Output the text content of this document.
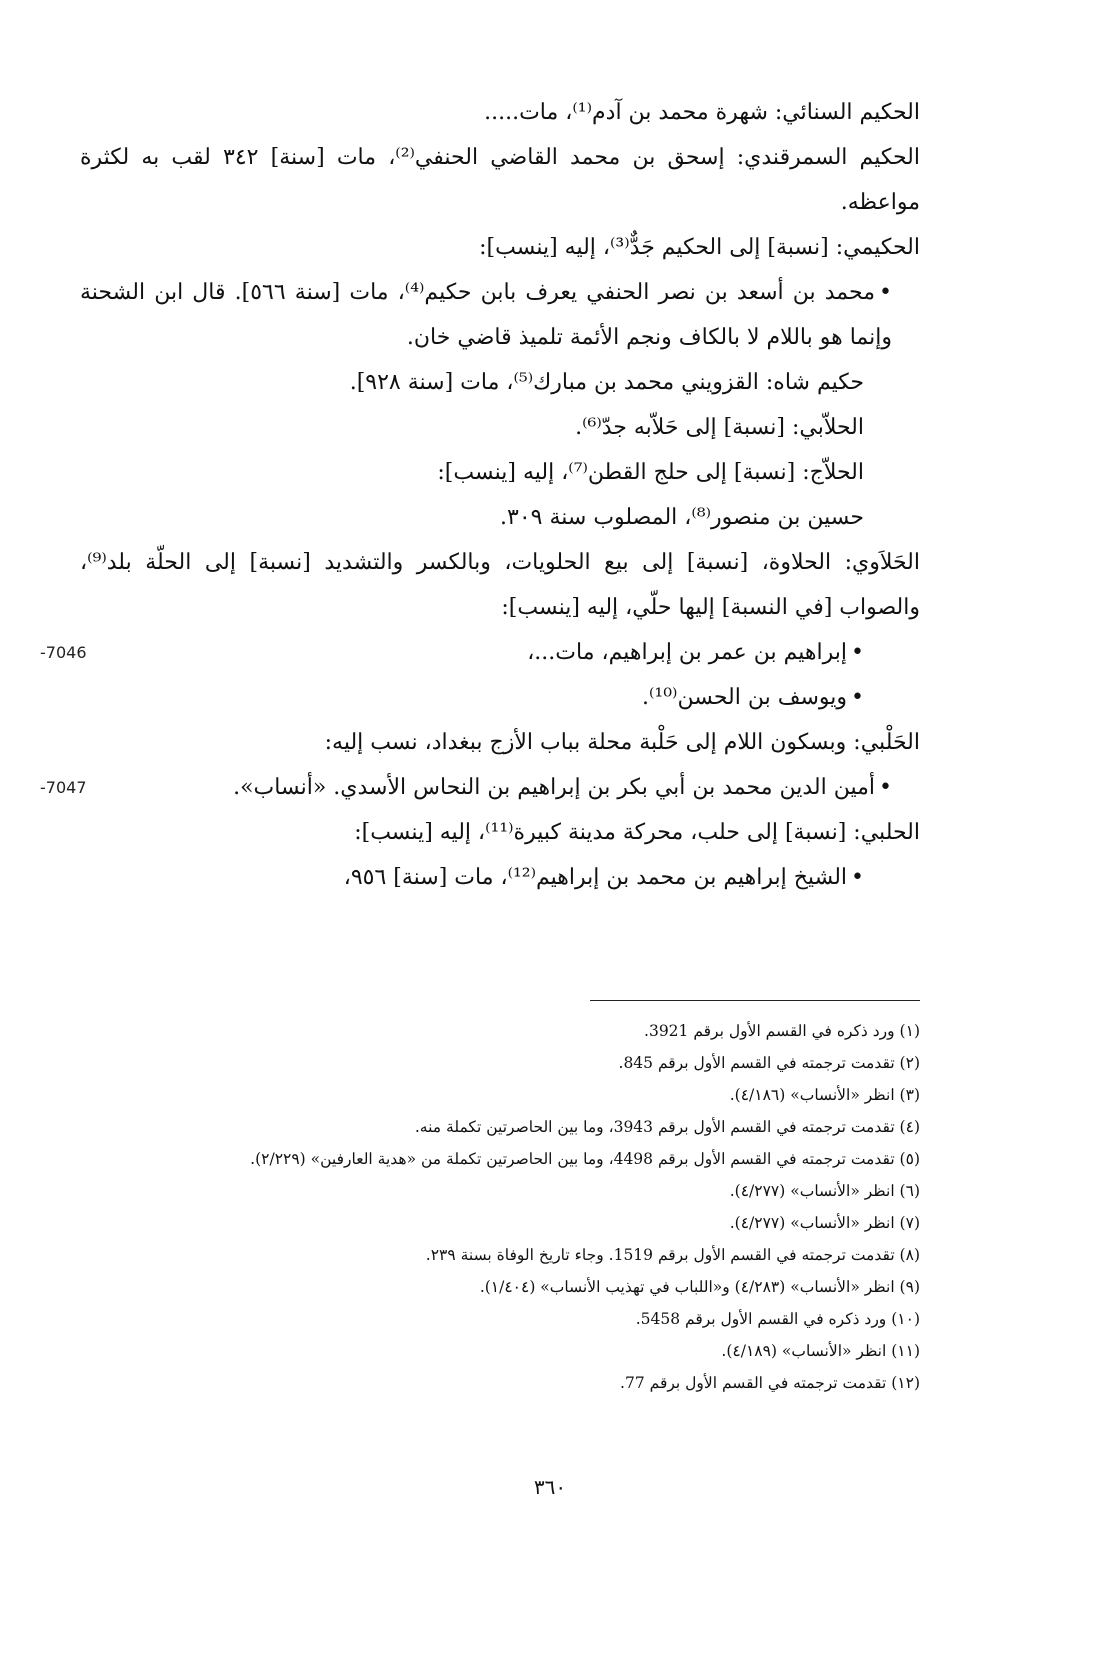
الحكيم السنائي: شهرة محمد بن آدم⁽¹⁾، مات.....
الحكيم السمرقندي: إسحق بن محمد القاضي الحنفي⁽²⁾، مات [سنة] ٣٤٢ لقب به لكثرة مواعظه.
الحكيمي: [نسبة] إلى الحكيم جَدٌّ⁽³⁾، إليه [ينسب]:
• محمد بن أسعد بن نصر الحنفي يعرف بابن حكيم⁽⁴⁾، مات [سنة ٥٦٦]. قال ابن الشحنة وإنما هو باللام لا بالكاف ونجم الأئمة تلميذ قاضي خان.
حكيم شاه: القزويني محمد بن مبارك⁽⁵⁾، مات [سنة ٩٢٨].
الحلاّبي: [نسبة] إلى حَلاّبه جدّ⁽⁶⁾.
الحلاّج: [نسبة] إلى حلج القطن⁽⁷⁾، إليه [ينسب]:
حسين بن منصور⁽⁸⁾، المصلوب سنة ٣٠٩.
الحَلاَوي: الحلاوة، [نسبة] إلى بيع الحلويات، وبالكسر والتشديد [نسبة] إلى الحلّة بلد⁽⁹⁾، والصواب [في النسبة] إليها حلّي، إليه [ينسب]:
• إبراهيم بن عمر بن إبراهيم، مات...،
-7046
• ويوسف بن الحسن⁽¹⁰⁾.
الحَلْبي: وبسكون اللام إلى حَلْبة محلة بباب الأزج ببغداد، نسب إليه:
• أمين الدين محمد بن أبي بكر بن إبراهيم بن النحاس الأسدي. «أنساب».
-7047
الحلبي: [نسبة] إلى حلب، محركة مدينة كبيرة⁽¹¹⁾، إليه [ينسب]:
• الشيخ إبراهيم بن محمد بن إبراهيم⁽¹²⁾، مات [سنة] ٩٥٦،
(١) ورد ذكره في القسم الأول برقم 3921.
(٢) تقدمت ترجمته في القسم الأول برقم 845.
(٣) انظر «الأنساب» (٤/١٨٦).
(٤) تقدمت ترجمته في القسم الأول برقم 3943، وما بين الحاصرتين تكملة منه.
(٥) تقدمت ترجمته في القسم الأول برقم 4498، وما بين الحاصرتين تكملة من «هدية العارفين» (٢/٢٢٩).
(٦) انظر «الأنساب» (٤/٢٧٧).
(٧) انظر «الأنساب» (٤/٢٧٧).
(٨) تقدمت ترجمته في القسم الأول برقم 1519. وجاء تاريخ الوفاة بسنة ٢٣٩.
(٩) انظر «الأنساب» (٤/٢٨٣) و«اللباب في تهذيب الأنساب» (١/٤٠٤).
(١٠) ورد ذكره في القسم الأول برقم 5458.
(١١) انظر «الأنساب» (٤/١٨٩).
(١٢) تقدمت ترجمته في القسم الأول برقم 77.
٣٦٠
